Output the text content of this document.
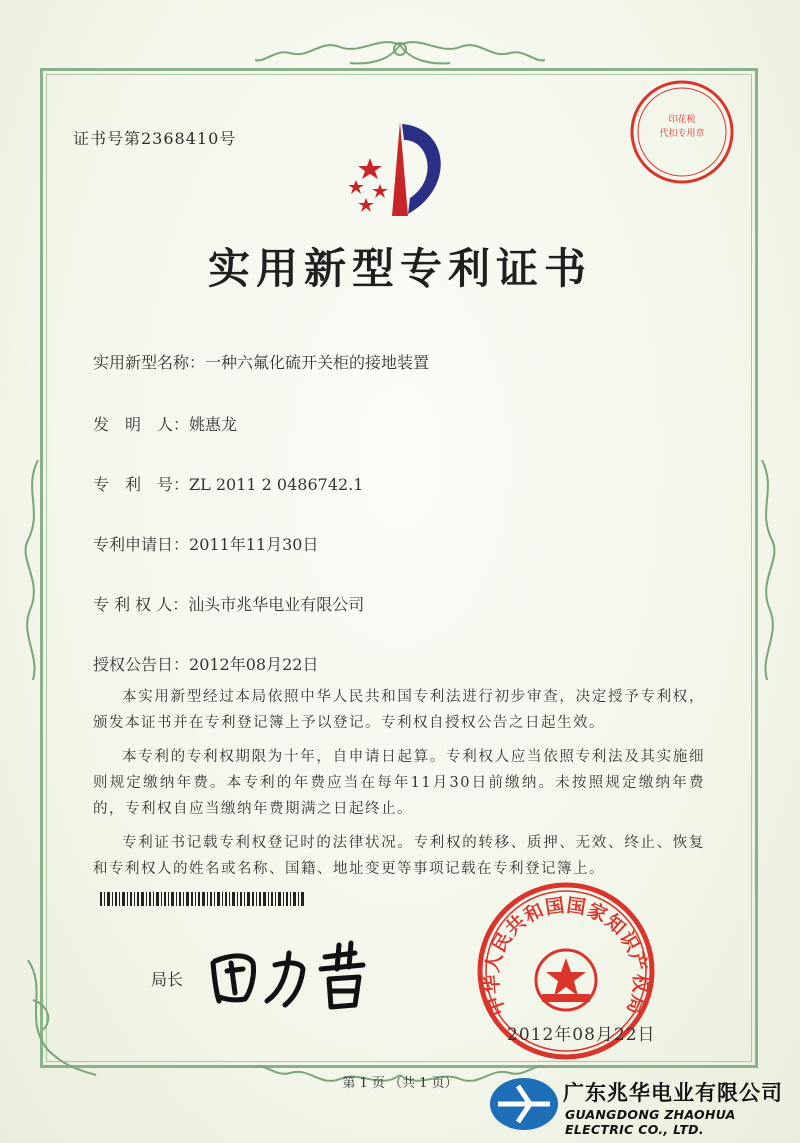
证书号第2368410号
印花税
代扣专用章
实用新型专利证书
实用新型名称：一种六氟化硫开关柜的接地装置
发　明　人：姚惠龙
专　利　号：ZL 2011 2 0486742.1
专利申请日：2011年11月30日
专 利 权 人：汕头市兆华电业有限公司
授权公告日：2012年08月22日

本实用新型经过本局依照中华人民共和国专利法进行初步审查，决定授予专利权，颁发本证书并在专利登记簿上予以登记。专利权自授权公告之日起生效。

本专利的专利权期限为十年，自申请日起算。专利权人应当依照专利法及其实施细则规定缴纳年费。本专利的年费应当在每年11月30日前缴纳。未按照规定缴纳年费的，专利权自应当缴纳年费期满之日起终止。

专利证书记载专利权登记时的法律状况。专利权的转移、质押、无效、终止、恢复和专利权人的姓名或名称、国籍、地址变更等事项记载在专利登记簿上。

局长
中华人民共和国国家知识产权局
2012年08月22日
第 1 页 （共 1 页）	广东兆华电业有限公司
GUANGDONG ZHAOHUA ELECTRIC CO., LTD.
